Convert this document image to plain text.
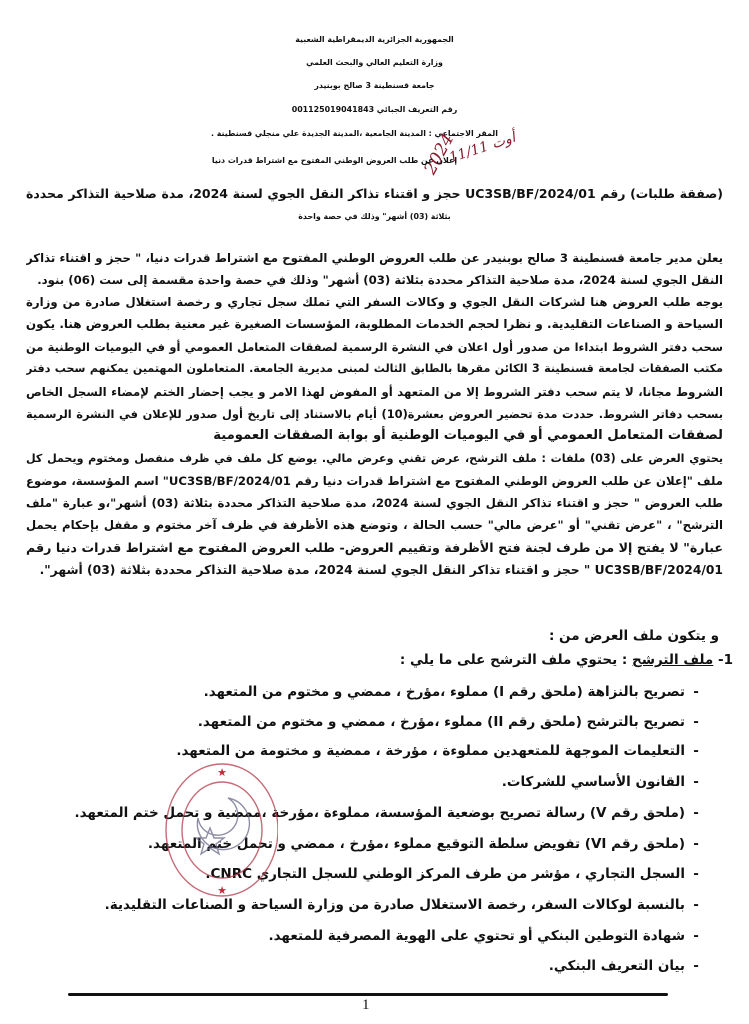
الجمهورية الجزائرية الديمقراطية الشعبية
وزارة التعليم العالي والبحث العلمي
جامعة قسنطينة 3 صالح بوبنيدر
رقم التعريف الجبائي 001125019041843
المقر الاجتماعي : المدينة الجامعية ،المدينة الجديدة علي منجلي قسنطينة .
11/11 أوت
2024
إعلان عن طلب العروض الوطني المفتوح مع اشتراط قدرات دنيا
(صفقة طلبات) رقم 01/UC3SB/BF/2024 حجز و اقتناء تذاكر النقل الجوي لسنة 2024، مدة صلاحية التذاكر محددة
بثلاثة (03) أشهر" وذلك في حصة واحدة
يعلن مدير جامعة قسنطينة 3 صالح بوبنيدر عن طلب العروض الوطني المفتوح مع اشتراط قدرات دنيا، " حجز و اقتناء تذاكر
النقل الجوي لسنة 2024، مدة صلاحية التذاكر محددة بثلاثة (03) أشهر" وذلك في حصة واحدة مقسمة إلى ست (06) بنود.
يوجه طلب العروض هنا لشركات النقل الجوي و وكالات السفر التي تملك سجل تجاري و رخصة استغلال صادرة من وزارة
السياحة و الصناعات التقليدية. و نظرا لحجم الخدمات المطلوبة، المؤسسات الصغيرة غير معنية بطلب العروض هنا. يكون
سحب دفتر الشروط ابتداءا من صدور أول اعلان في النشرة الرسمية لصفقات المتعامل العمومي أو في اليوميات الوطنية من
مكتب الصفقات لجامعة قسنطينة 3 الكائن مقرها بالطابق الثالث لمبنى مديرية الجامعة. المتعاملون المهتمين يمكنهم سحب دفتر
الشروط مجانا، لا يتم سحب دفتر الشروط إلا من المتعهد أو المفوض لهذا الامر و يجب إحضار الختم لإمضاء السجل الخاص
بسحب دفاتر الشروط. حددت مدة تحضير العروض بعشرة(10) أيام بالاستناد إلى تاريخ أول صدور للإعلان في النشرة الرسمية
لصفقات المتعامل العمومي أو في اليوميات الوطنية أو بوابة الصفقات العمومية
يحتوي العرض على (03) ملفات : ملف الترشح، عرض تقني وعرض مالي. يوضع كل ملف في ظرف منفصل ومختوم ويحمل كل
ملف "إعلان عن طلب العروض الوطني المفتوح مع اشتراط قدرات دنيا رقم 01/UC3SB/BF/2024" اسم المؤسسة، موضوع
طلب العروض " حجز و اقتناء تذاكر النقل الجوي لسنة 2024، مدة صلاحية التذاكر محددة بثلاثة (03) أشهر"،و عبارة "ملف
الترشح" ، "عرض تقني" أو "عرض مالي" حسب الحالة ، وتوضع هذه الأظرفة في ظرف آخر مختوم و مقفل بإحكام يحمل
عبارة" لا يفتح إلا من طرف لجنة فتح الأظرفة وتقييم العروض- طلب العروض المفتوح مع اشتراط قدرات دنيا رقم
01/UC3SB/BF/2024 " حجز و اقتناء تذاكر النقل الجوي لسنة 2024، مدة صلاحية التذاكر محددة بثلاثة (03) أشهر".
و يتكون ملف العرض من :
1- ملف الترشح : يحتوي ملف الترشح على ما يلي :
-تصريح بالنزاهة (ملحق رقم I) مملوء ،مؤرخ ، ممضي و مختوم من المتعهد.
-تصريح بالترشح (ملحق رقم II) مملوء ،مؤرخ ، ممضي و مختوم من المتعهد.
-التعليمات الموجهة للمتعهدين مملوءة ، مؤرخة ، ممضية و مختومة من المتعهد.
-القانون الأساسي للشركات.
-(ملحق رقم V) رسالة تصريح بوضعية المؤسسة، مملوءة ،مؤرخة ،ممضية و تحمل ختم المتعهد.
-(ملحق رقم VI) تفويض سلطة التوقيع مملوء ،مؤرخ ، ممضي و تحمل ختم المتعهد.
-السجل التجاري ، مؤشر من طرف المركز الوطني للسجل التجاري CNRC.
-بالنسبة لوكالات السفر، رخصة الاستغلال صادرة من وزارة السياحة و الصناعات التقليدية.
-شهادة التوطين البنكي أو تحتوي على الهوية المصرفية للمتعهد.
-بيان التعريف البنكي.
★
★
1
